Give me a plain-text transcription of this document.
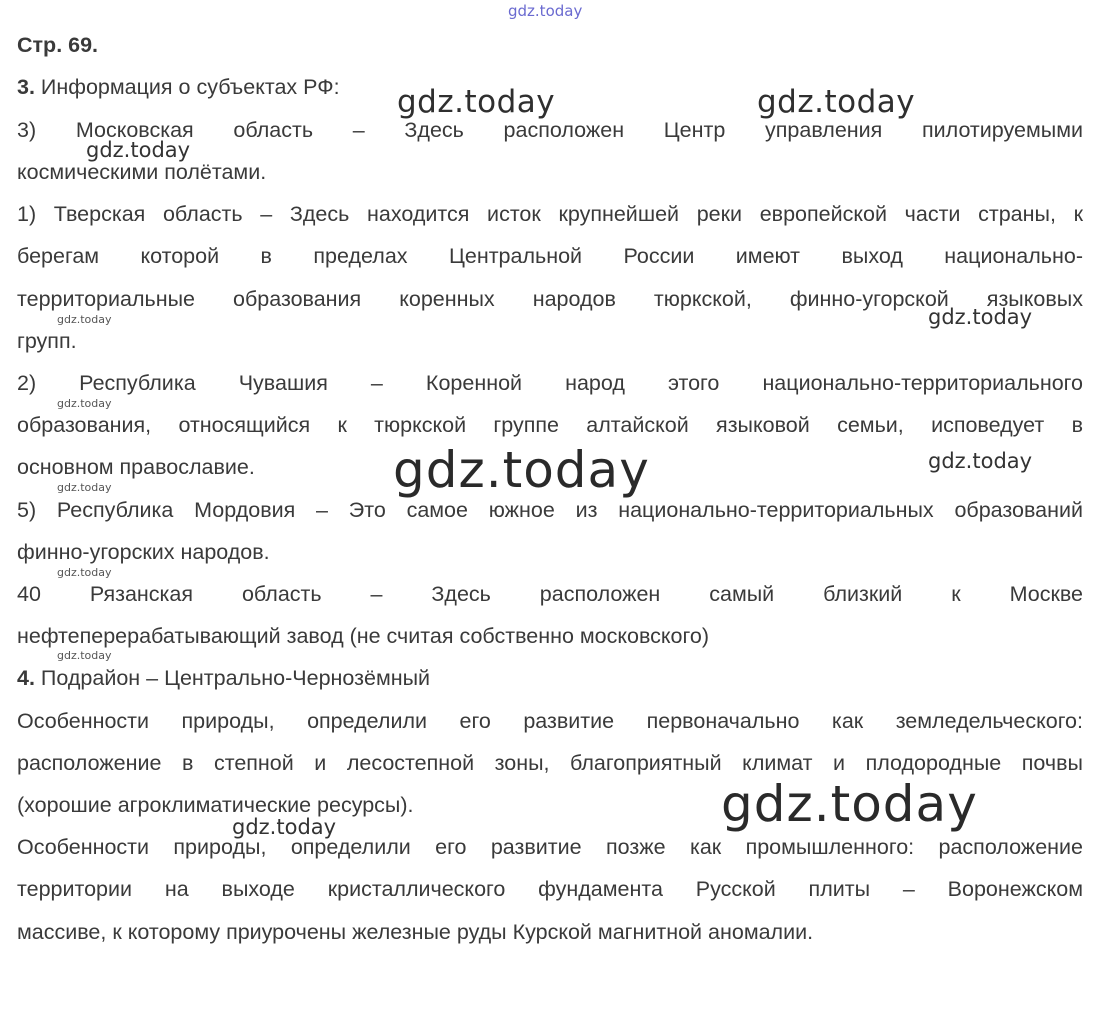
gdz.today
gdz.today	gdz.today
gdz.today
gdz.today	gdz.today
gdz.today
gdz.today	gdz.today
gdz.today
gdz.today
gdz.today
gdz.today
gdz.today
Стр. 69.
3. Информация о субъектах РФ:
3) Московская область – Здесь расположен Центр управления пилотируемыми
космическими полётами.
1) Тверская область – Здесь находится исток крупнейшей реки европейской части страны, к
берегам которой в пределах Центральной России имеют выход национально-
территориальные образования коренных народов тюркской, финно-угорской языковых
групп.
2) Республика Чувашия – Коренной народ этого национально-территориального
образования, относящийся к тюркской группе алтайской языковой семьи, исповедует в
основном православие.
5) Республика Мордовия – Это самое южное из национально-территориальных образований
финно-угорских народов.
40 Рязанская область – Здесь расположен самый близкий к Москве
нефтеперерабатывающий завод (не считая собственно московского)
4. Подрайон – Центрально-Чернозёмный
Особенности природы, определили его развитие первоначально как земледельческого:
расположение в степной и лесостепной зоны, благоприятный климат и плодородные почвы
(хорошие агроклиматические ресурсы).
Особенности природы, определили его развитие позже как промышленного: расположение
территории на выходе кристаллического фундамента Русской плиты – Воронежском
массиве, к которому приурочены железные руды Курской магнитной аномалии.
